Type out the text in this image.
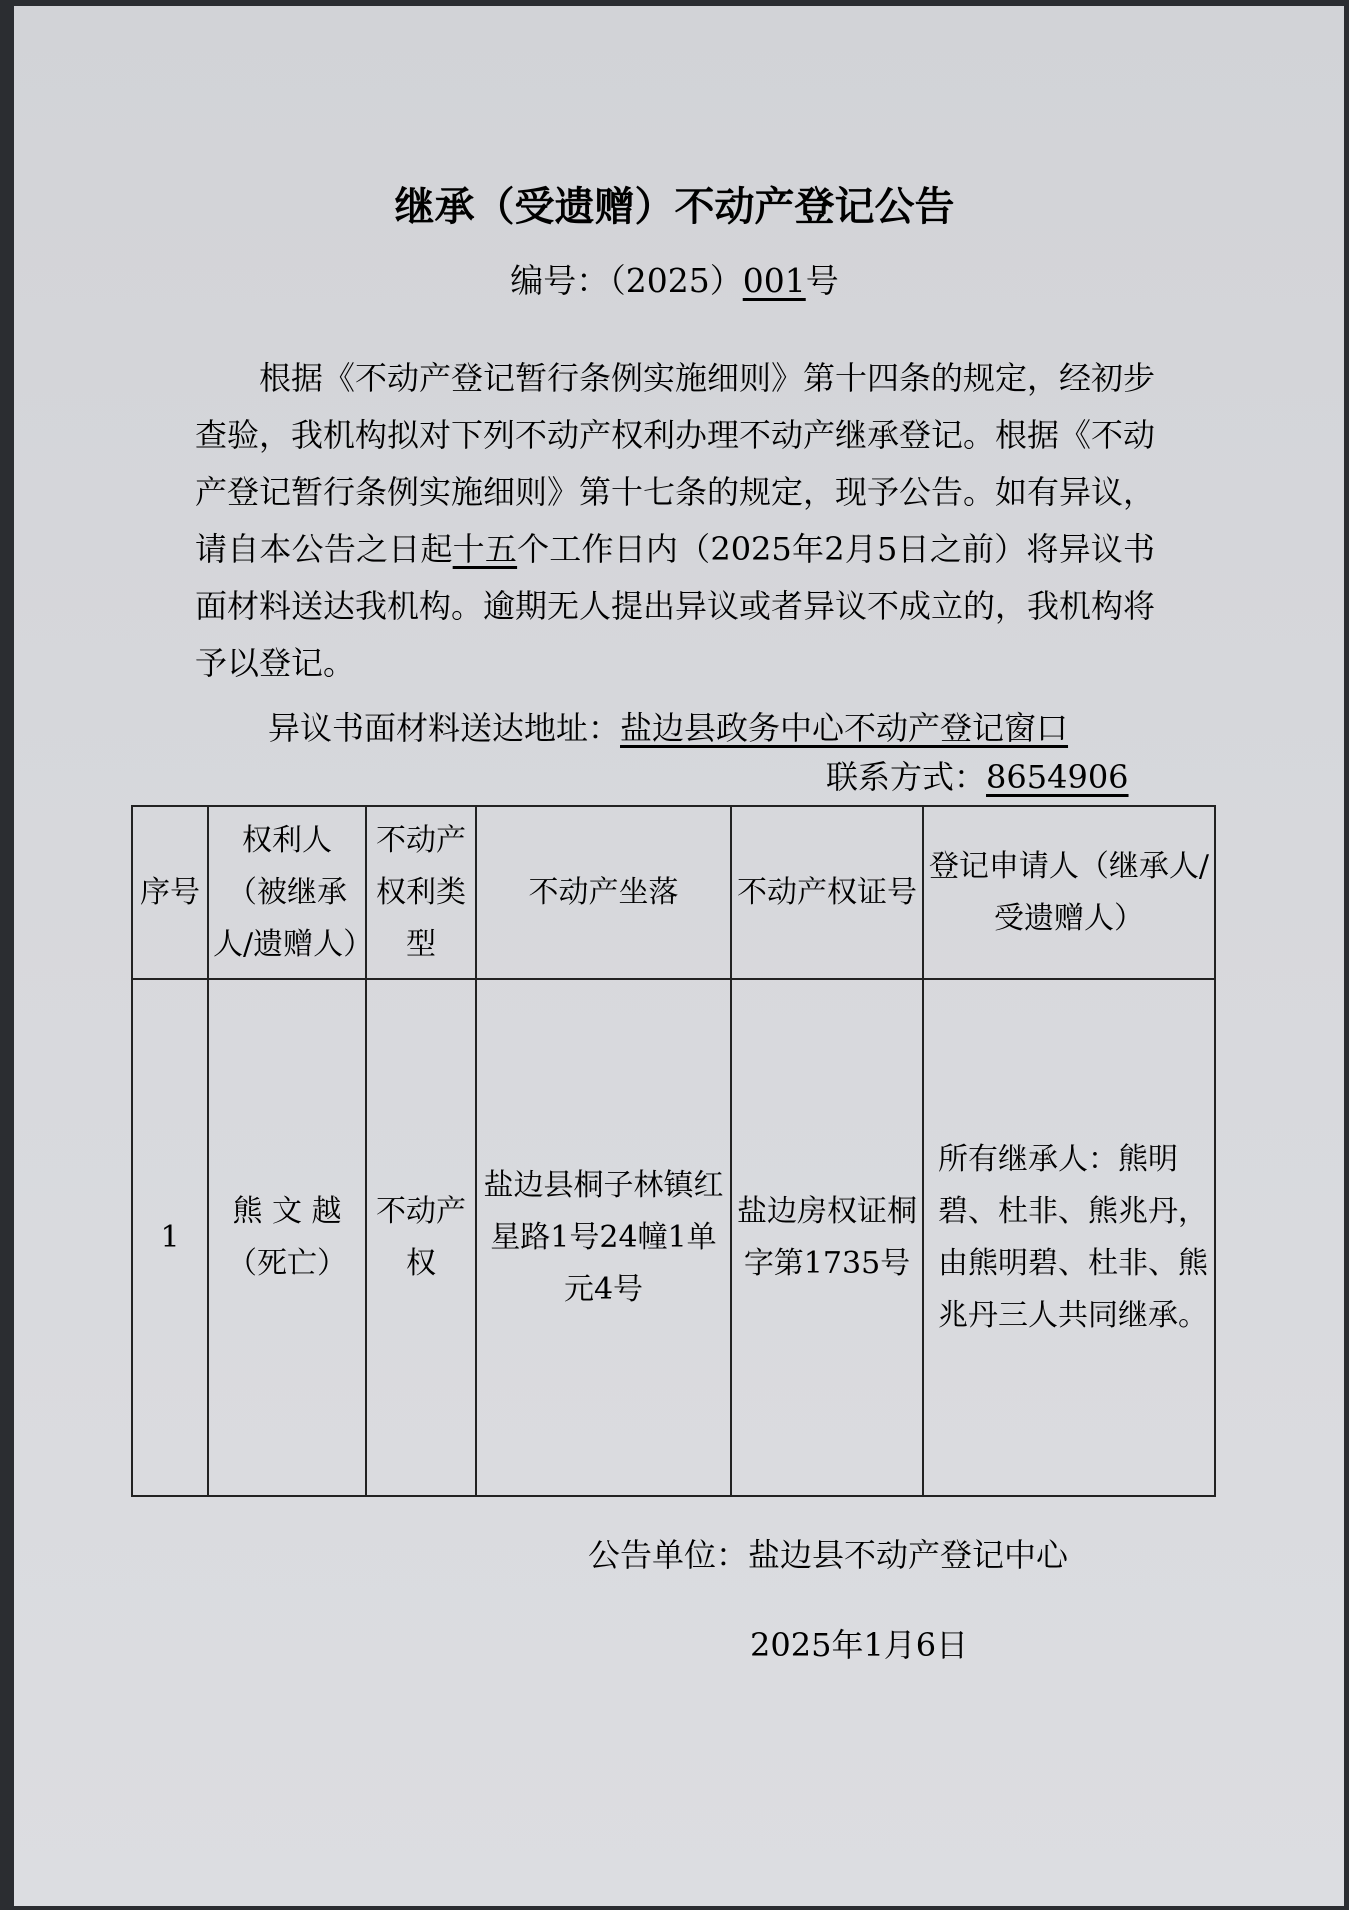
继承（受遗赠）不动产登记公告
编号：（2025）001号

根据《不动产登记暂行条例实施细则》第十四条的规定，经初步查验，我机构拟对下列不动产权利办理不动产继承登记。根据《不动产登记暂行条例实施细则》第十七条的规定，现予公告。如有异议，请自本公告之日起十五个工作日内（2025年2月5日之前）将异议书面材料送达我机构。逾期无人提出异议或者异议不成立的，我机构将予以登记。

异议书面材料送达地址：盐边县政务中心不动产登记窗口
联系方式：8654906
序号	权利人（被继承人/遗赠人）	不动产权利类型	不动产坐落	不动产权证号	登记申请人（继承人/受遗赠人）
1	熊 文 越（死亡）	不动产权	盐边县桐子林镇红星路1号24幢1单元4号	盐边房权证桐字第1735号	所有继承人：熊明碧、杜非、熊兆丹，由熊明碧、杜非、熊兆丹三人共同继承。
公告单位：盐边县不动产登记中心
2025年1月6日
